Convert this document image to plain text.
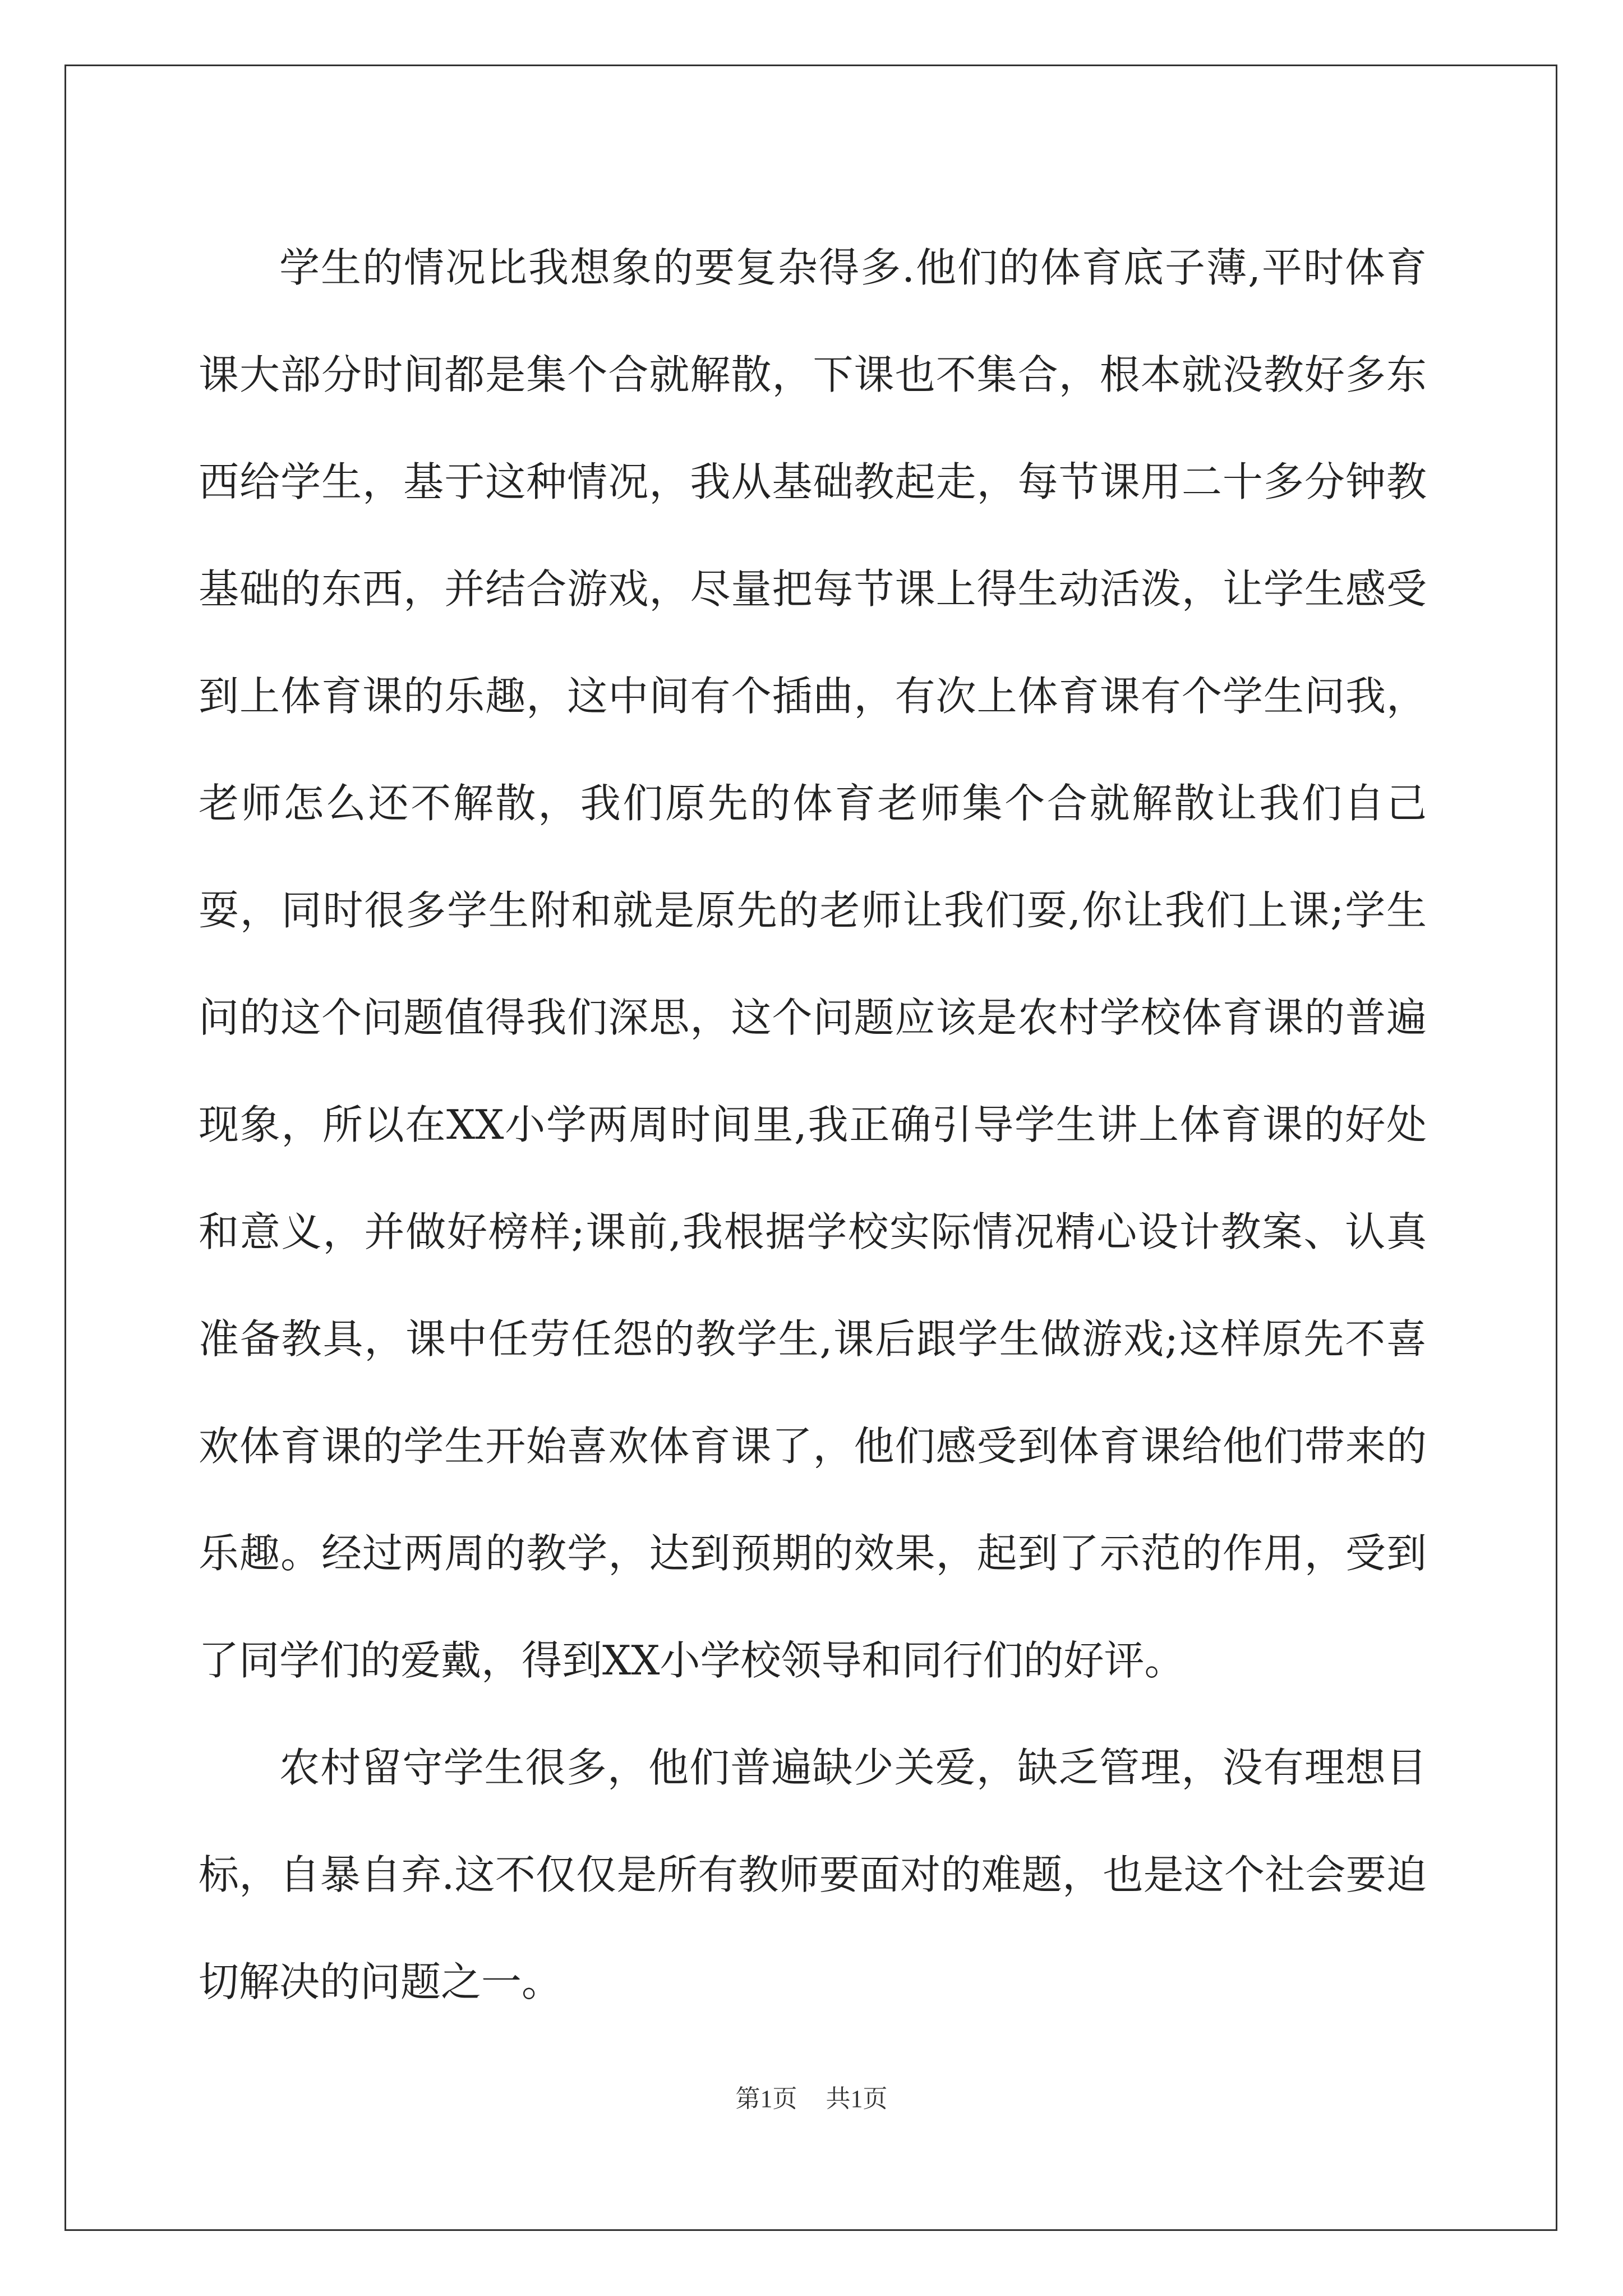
学生的情况比我想象的要复杂得多.他们的体育底子薄,平时体育课大部分时间都是集个合就解散，下课也不集合，根本就没教好多东西给学生，基于这种情况，我从基础教起走，每节课用二十多分钟教基础的东西，并结合游戏，尽量把每节课上得生动活泼，让学生感受到上体育课的乐趣，这中间有个插曲，有次上体育课有个学生问我，老师怎么还不解散，我们原先的体育老师集个合就解散让我们自己耍，同时很多学生附和就是原先的老师让我们耍,你让我们上课;学生问的这个问题值得我们深思，这个问题应该是农村学校体育课的普遍现象，所以在XX小学两周时间里,我正确引导学生讲上体育课的好处和意义，并做好榜样;课前,我根据学校实际情况精心设计教案、认真准备教具，课中任劳任怨的教学生,课后跟学生做游戏;这样原先不喜欢体育课的学生开始喜欢体育课了，他们感受到体育课给他们带来的乐趣。经过两周的教学，达到预期的效果，起到了示范的作用，受到了同学们的爱戴，得到XX小学校领导和同行们的好评。

农村留守学生很多，他们普遍缺少关爱，缺乏管理，没有理想目标，自暴自弃.这不仅仅是所有教师要面对的难题，也是这个社会要迫切解决的问题之一。

第1页 共1页
